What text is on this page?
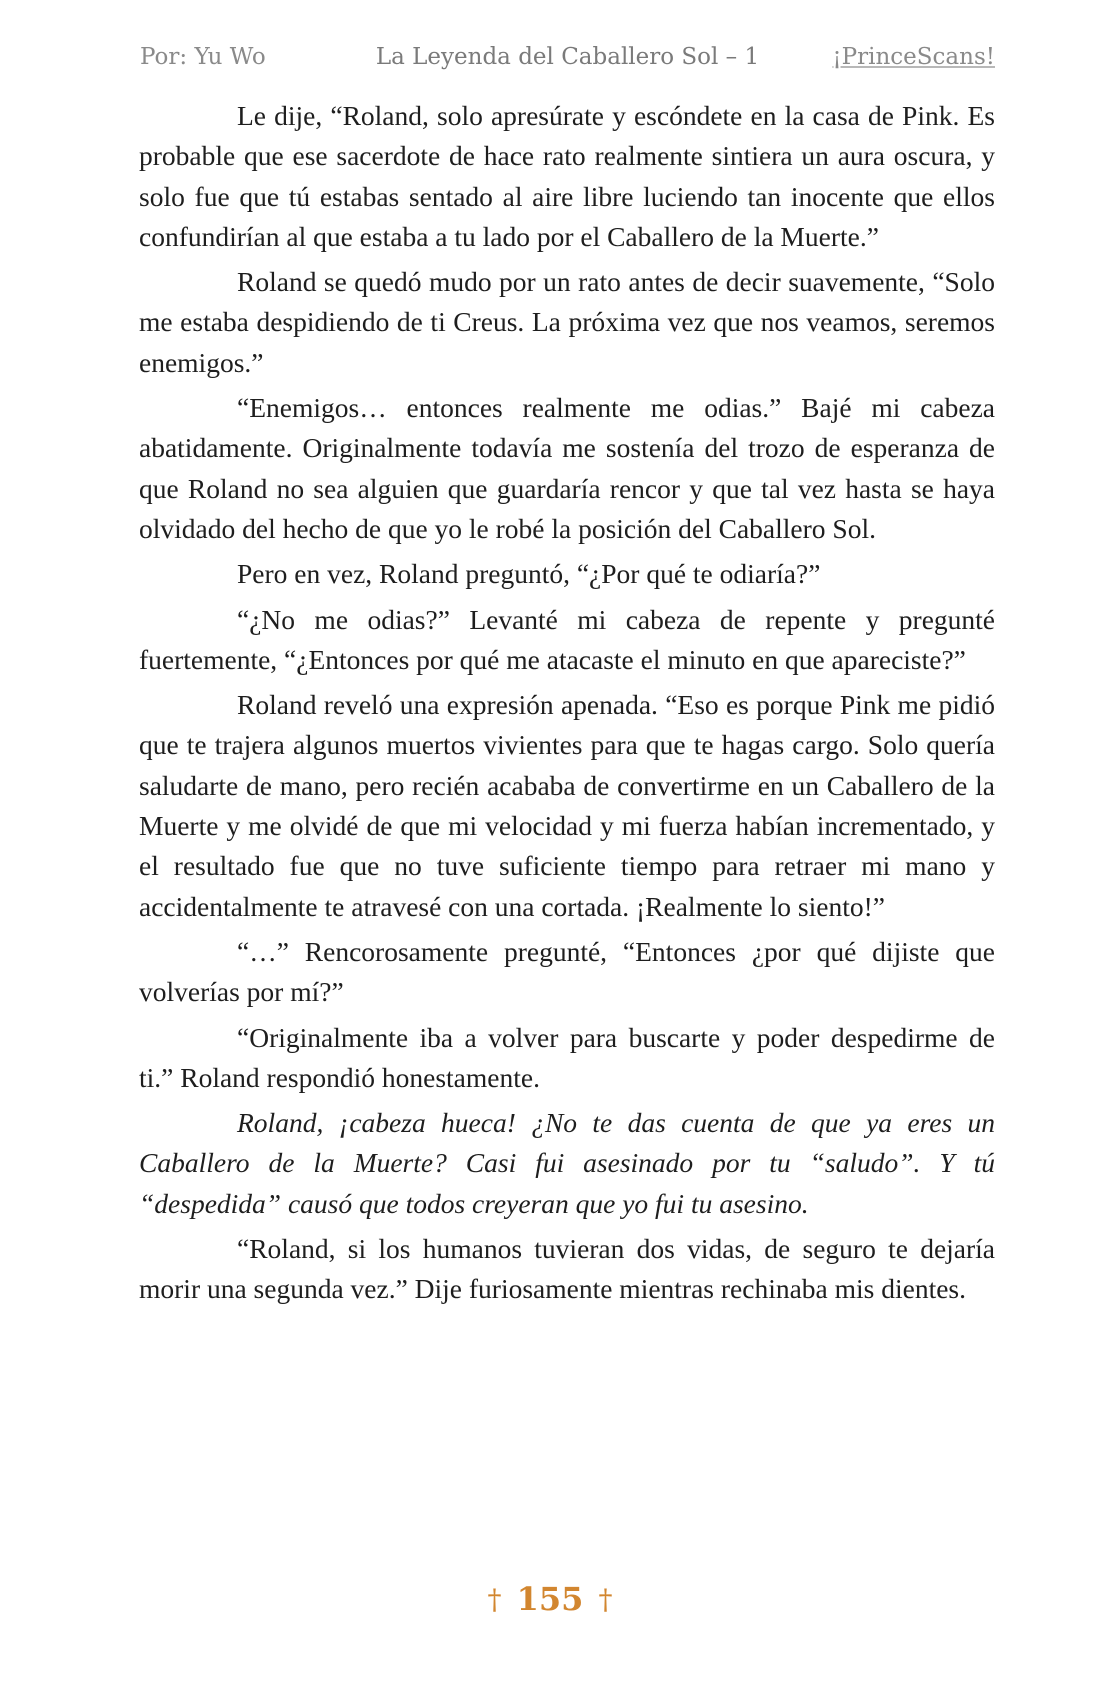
Por: Yu Wo	La Leyenda del Caballero Sol – 1	¡PrinceScans!

Le dije, “Roland, solo apresúrate y escóndete en la casa de Pink. Es probable que ese sacerdote de hace rato realmente sintiera un aura oscura, y solo fue que tú estabas sentado al aire libre luciendo tan inocente que ellos confundirían al que estaba a tu lado por el Caballero de la Muerte.”

Roland se quedó mudo por un rato antes de decir suavemente, “Solo me estaba despidiendo de ti Creus. La próxima vez que nos veamos, seremos enemigos.”

“Enemigos… entonces realmente me odias.” Bajé mi cabeza abatidamente. Originalmente todavía me sostenía del trozo de esperanza de que Roland no sea alguien que guardaría rencor y que tal vez hasta se haya olvidado del hecho de que yo le robé la posición del Caballero Sol.

Pero en vez, Roland preguntó, “¿Por qué te odiaría?”

“¿No me odias?” Levanté mi cabeza de repente y pregunté fuertemente, “¿Entonces por qué me atacaste el minuto en que apareciste?”

Roland reveló una expresión apenada. “Eso es porque Pink me pidió que te trajera algunos muertos vivientes para que te hagas cargo. Solo quería saludarte de mano, pero recién acababa de convertirme en un Caballero de la Muerte y me olvidé de que mi velocidad y mi fuerza habían incrementado, y el resultado fue que no tuve suficiente tiempo para retraer mi mano y accidentalmente te atravesé con una cortada. ¡Realmente lo siento!”

“…” Rencorosamente pregunté, “Entonces ¿por qué dijiste que volverías por mí?”

“Originalmente iba a volver para buscarte y poder despedirme de ti.” Roland respondió honestamente.

Roland, ¡cabeza hueca! ¿No te das cuenta de que ya eres un Caballero de la Muerte? Casi fui asesinado por tu “saludo”. Y tú “despedida” causó que todos creyeran que yo fui tu asesino.

“Roland, si los humanos tuvieran dos vidas, de seguro te dejaría morir una segunda vez.” Dije furiosamente mientras rechinaba mis dientes.

† 155 †
